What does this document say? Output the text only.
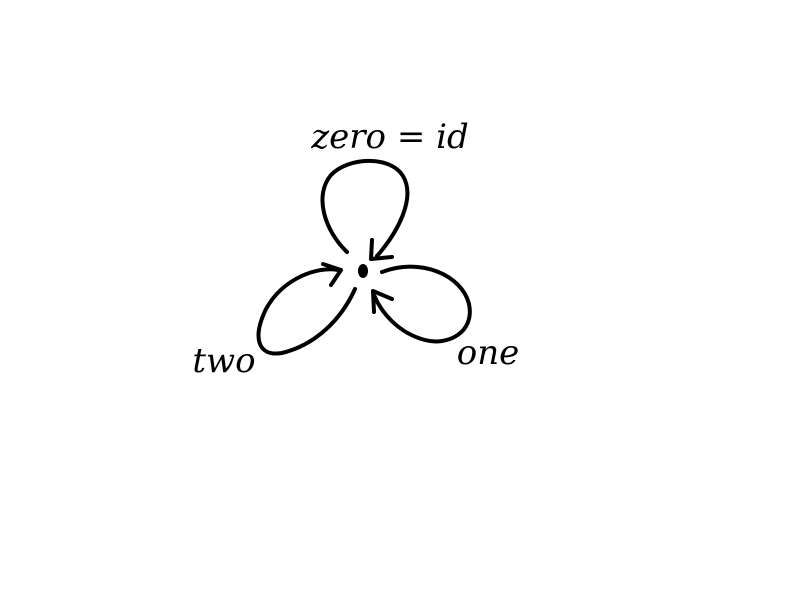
zero = id
one
two
